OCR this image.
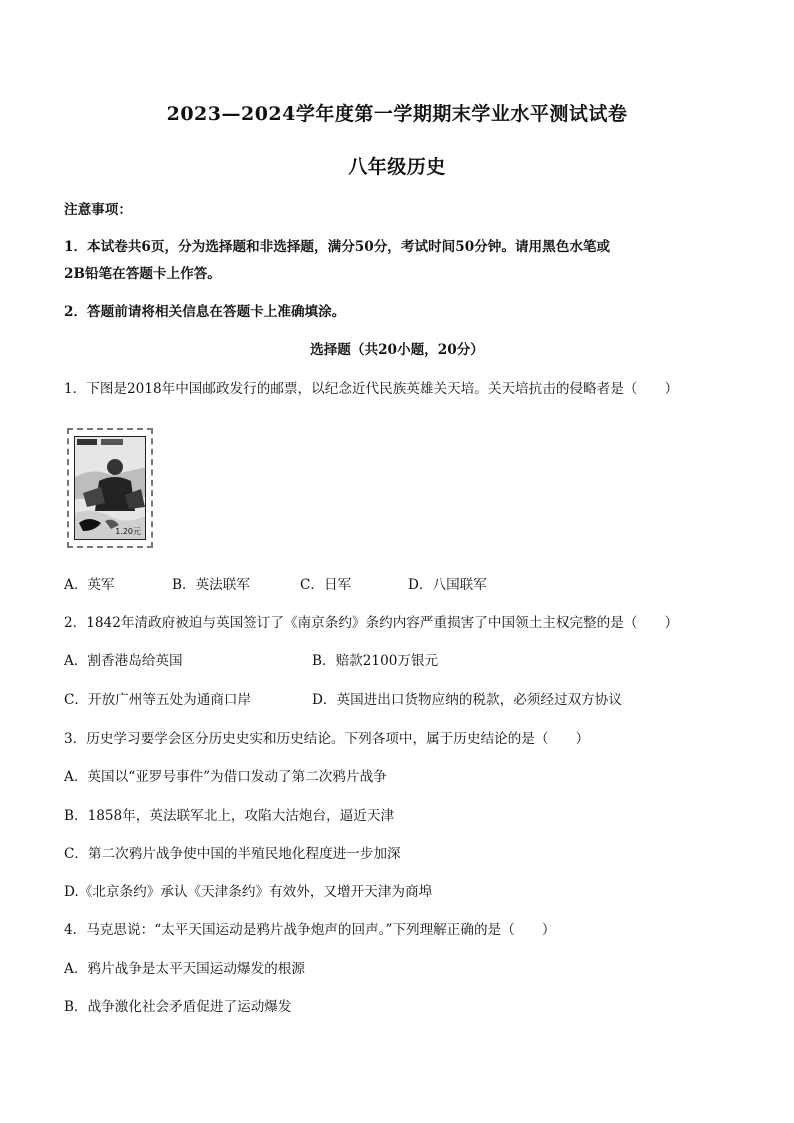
2023—2024学年度第一学期期末学业水平测试试卷
八年级历史
注意事项：
1．本试卷共6页，分为选择题和非选择题，满分50分，考试时间50分钟。请用黑色水笔或
2B铅笔在答题卡上作答。
2．答题前请将相关信息在答题卡上准确填涂。
选择题（共20小题，20分）
1．下图是2018年中国邮政发行的邮票，以纪念近代民族英雄关天培。关天培抗击的侵略者是（　　）
1.20元
A．英军	B．英法联军	C．日军	D．八国联军
2．1842年清政府被迫与英国签订了《南京条约》条约内容严重损害了中国领土主权完整的是（　　）
A．割香港岛给英国	B．赔款2100万银元
C．开放广州等五处为通商口岸	D．英国进出口货物应纳的税款，必须经过双方协议
3．历史学习要学会区分历史史实和历史结论。下列各项中，属于历史结论的是（　　）
A．英国以“亚罗号事件”为借口发动了第二次鸦片战争
B．1858年，英法联军北上，攻陷大沽炮台，逼近天津
C．第二次鸦片战争使中国的半殖民地化程度进一步加深
D.《北京条约》承认《天津条约》有效外，又增开天津为商埠
4．马克思说：“太平天国运动是鸦片战争炮声的回声。”下列理解正确的是（　　）
A．鸦片战争是太平天国运动爆发的根源
B．战争激化社会矛盾促进了运动爆发
